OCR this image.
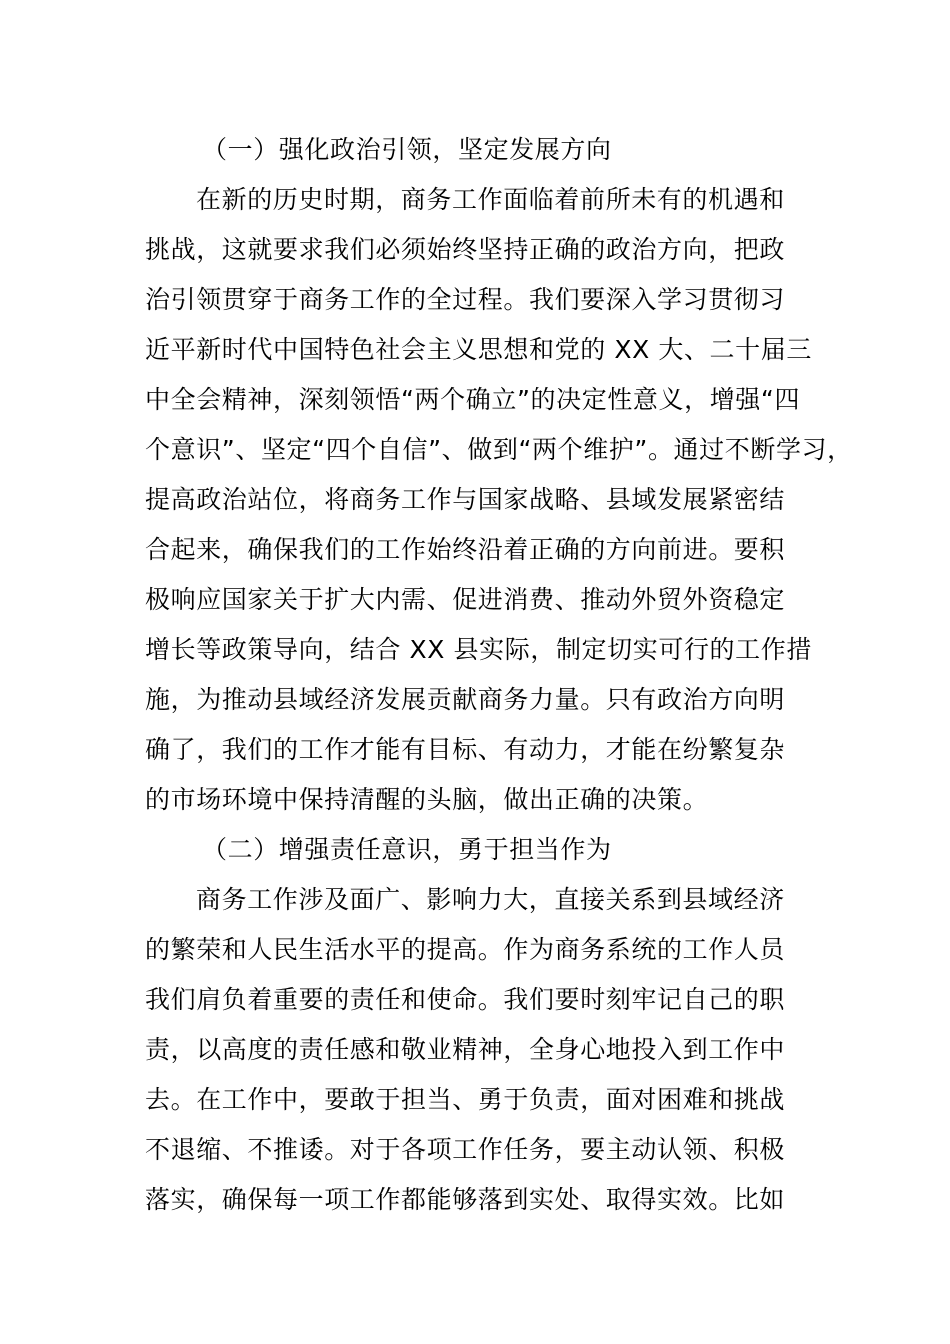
（一）强化政治引领，坚定发展方向
在新的历史时期，商务工作面临着前所未有的机遇和
挑战，这就要求我们必须始终坚持正确的政治方向，把政
治引领贯穿于商务工作的全过程。我们要深入学习贯彻习
近平新时代中国特色社会主义思想和党的 XX 大、二十届三
中全会精神，深刻领悟“两个确立”的决定性意义，增强“四
个意识”、坚定“四个自信”、做到“两个维护”。通过不断学习，
提高政治站位，将商务工作与国家战略、县域发展紧密结
合起来，确保我们的工作始终沿着正确的方向前进。要积
极响应国家关于扩大内需、促进消费、推动外贸外资稳定
增长等政策导向，结合 XX 县实际，制定切实可行的工作措
施，为推动县域经济发展贡献商务力量。只有政治方向明
确了，我们的工作才能有目标、有动力，才能在纷繁复杂
的市场环境中保持清醒的头脑，做出正确的决策。
（二）增强责任意识，勇于担当作为
商务工作涉及面广、影响力大，直接关系到县域经济
的繁荣和人民生活水平的提高。作为商务系统的工作人员
我们肩负着重要的责任和使命。我们要时刻牢记自己的职
责，以高度的责任感和敬业精神，全身心地投入到工作中
去。在工作中，要敢于担当、勇于负责，面对困难和挑战
不退缩、不推诿。对于各项工作任务，要主动认领、积极
落实，确保每一项工作都能够落到实处、取得实效。比如
